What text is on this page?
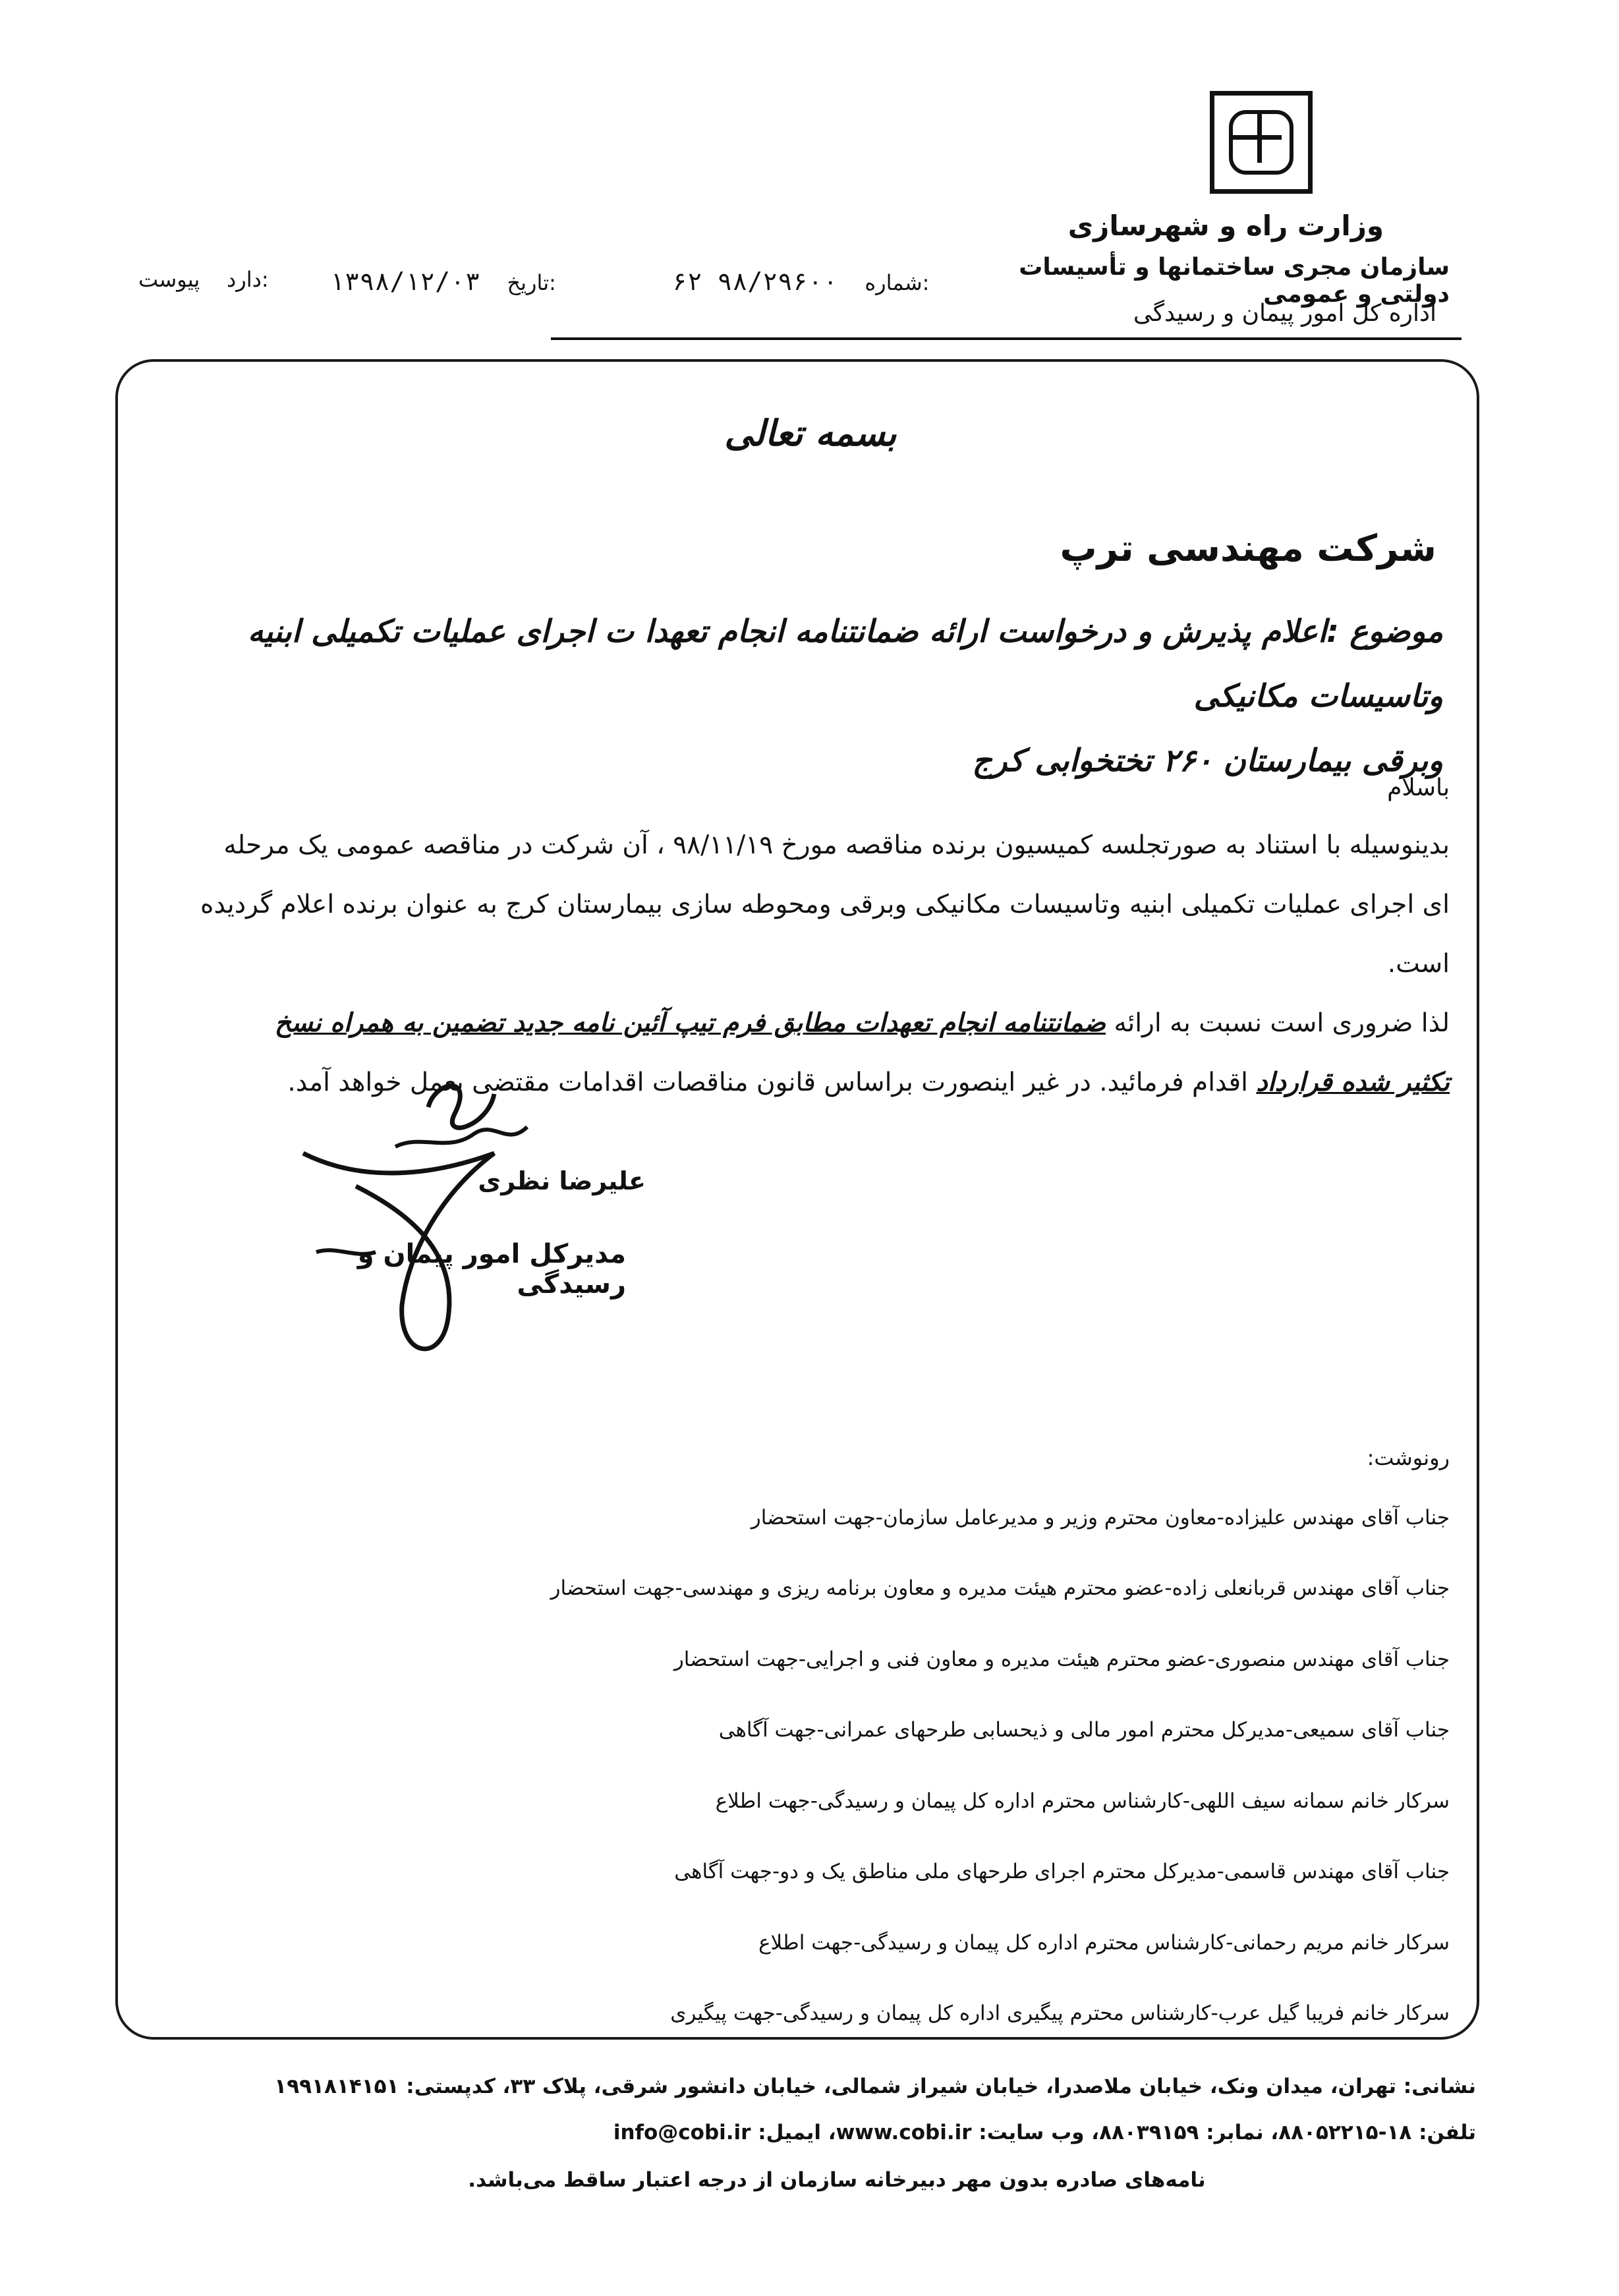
وزارت راه و شهرسازی
سازمان مجری ساختمانها و تأسیسات دولتی و عمومی
اداره کل امور پیمان و رسیدگی
دارد    پیوست: ۱۳۹۸/۱۲/۰۳ تاریخ:	۶۲ ۹۸/۲۹۶۰۰ شماره:
بسمه تعالی
شرکت مهندسی ترپ
موضوع :اعلام پذیرش و درخواست ارائه ضمانتنامه انجام تعهدا ت اجرای عملیات تکمیلی ابنیه وتاسیسات مکانیکی
وبرقی بیمارستان ۲۶۰ تختخوابی کرج
باسلام
بدینوسیله با استناد به صورتجلسه کمیسیون برنده مناقصه مورخ ۹۸/۱۱/۱۹ ، آن شرکت در مناقصه عمومی یک مرحله
ای اجرای عملیات تکمیلی ابنیه وتاسیسات مکانیکی وبرقی ومحوطه سازی بیمارستان کرج به عنوان برنده اعلام گردیده است.
لذا ضروری است نسبت به ارائه ضمانتنامه انجام تعهدات مطابق فرم تیپ آئین نامه جدید تضمین به همراه نسخ
تکثیر شده قرارداد اقدام فرمائید. در غیر اینصورت براساس قانون مناقصات اقدامات مقتضی بعمل خواهد آمد.
علیرضا نظری
مدیرکل امور پیمان و رسیدگی
رونوشت:
جناب آقای مهندس علیزاده-معاون محترم وزیر و مدیرعامل سازمان-جهت استحضار
جناب آقای مهندس قربانعلی زاده-عضو محترم هیئت مدیره و معاون برنامه ریزی و مهندسی-جهت استحضار
جناب آقای مهندس منصوری-عضو محترم هیئت مدیره و معاون فنی و اجرایی-جهت استحضار
جناب آقای سمیعی-مدیرکل محترم امور مالی و ذیحسابی طرحهای عمرانی-جهت آگاهی
سرکار خانم سمانه سیف اللهی-کارشناس محترم اداره کل پیمان و رسیدگی-جهت اطلاع
جناب آقای مهندس قاسمی-مدیرکل محترم اجرای طرحهای ملی مناطق یک و دو-جهت آگاهی
سرکار خانم مریم رحمانی-کارشناس محترم اداره کل پیمان و رسیدگی-جهت اطلاع
سرکار خانم فریبا گیل عرب-کارشناس محترم پیگیری اداره کل پیمان و رسیدگی-جهت پیگیری
نشانی: تهران، میدان ونک، خیابان ملاصدرا، خیابان شیراز شمالی، خیابان دانشور شرقی، پلاک ۳۳، کدپستی: ۱۹۹۱۸۱۴۱۵۱
تلفن: ۱۸-۸۸۰۵۲۲۱۵، نمابر: ۸۸۰۳۹۱۵۹، وب سایت: www.cobi.ir، ایمیل: info@cobi.ir
نامه‌های صادره بدون مهر دبیرخانه سازمان از درجه اعتبار ساقط می‌باشد.
